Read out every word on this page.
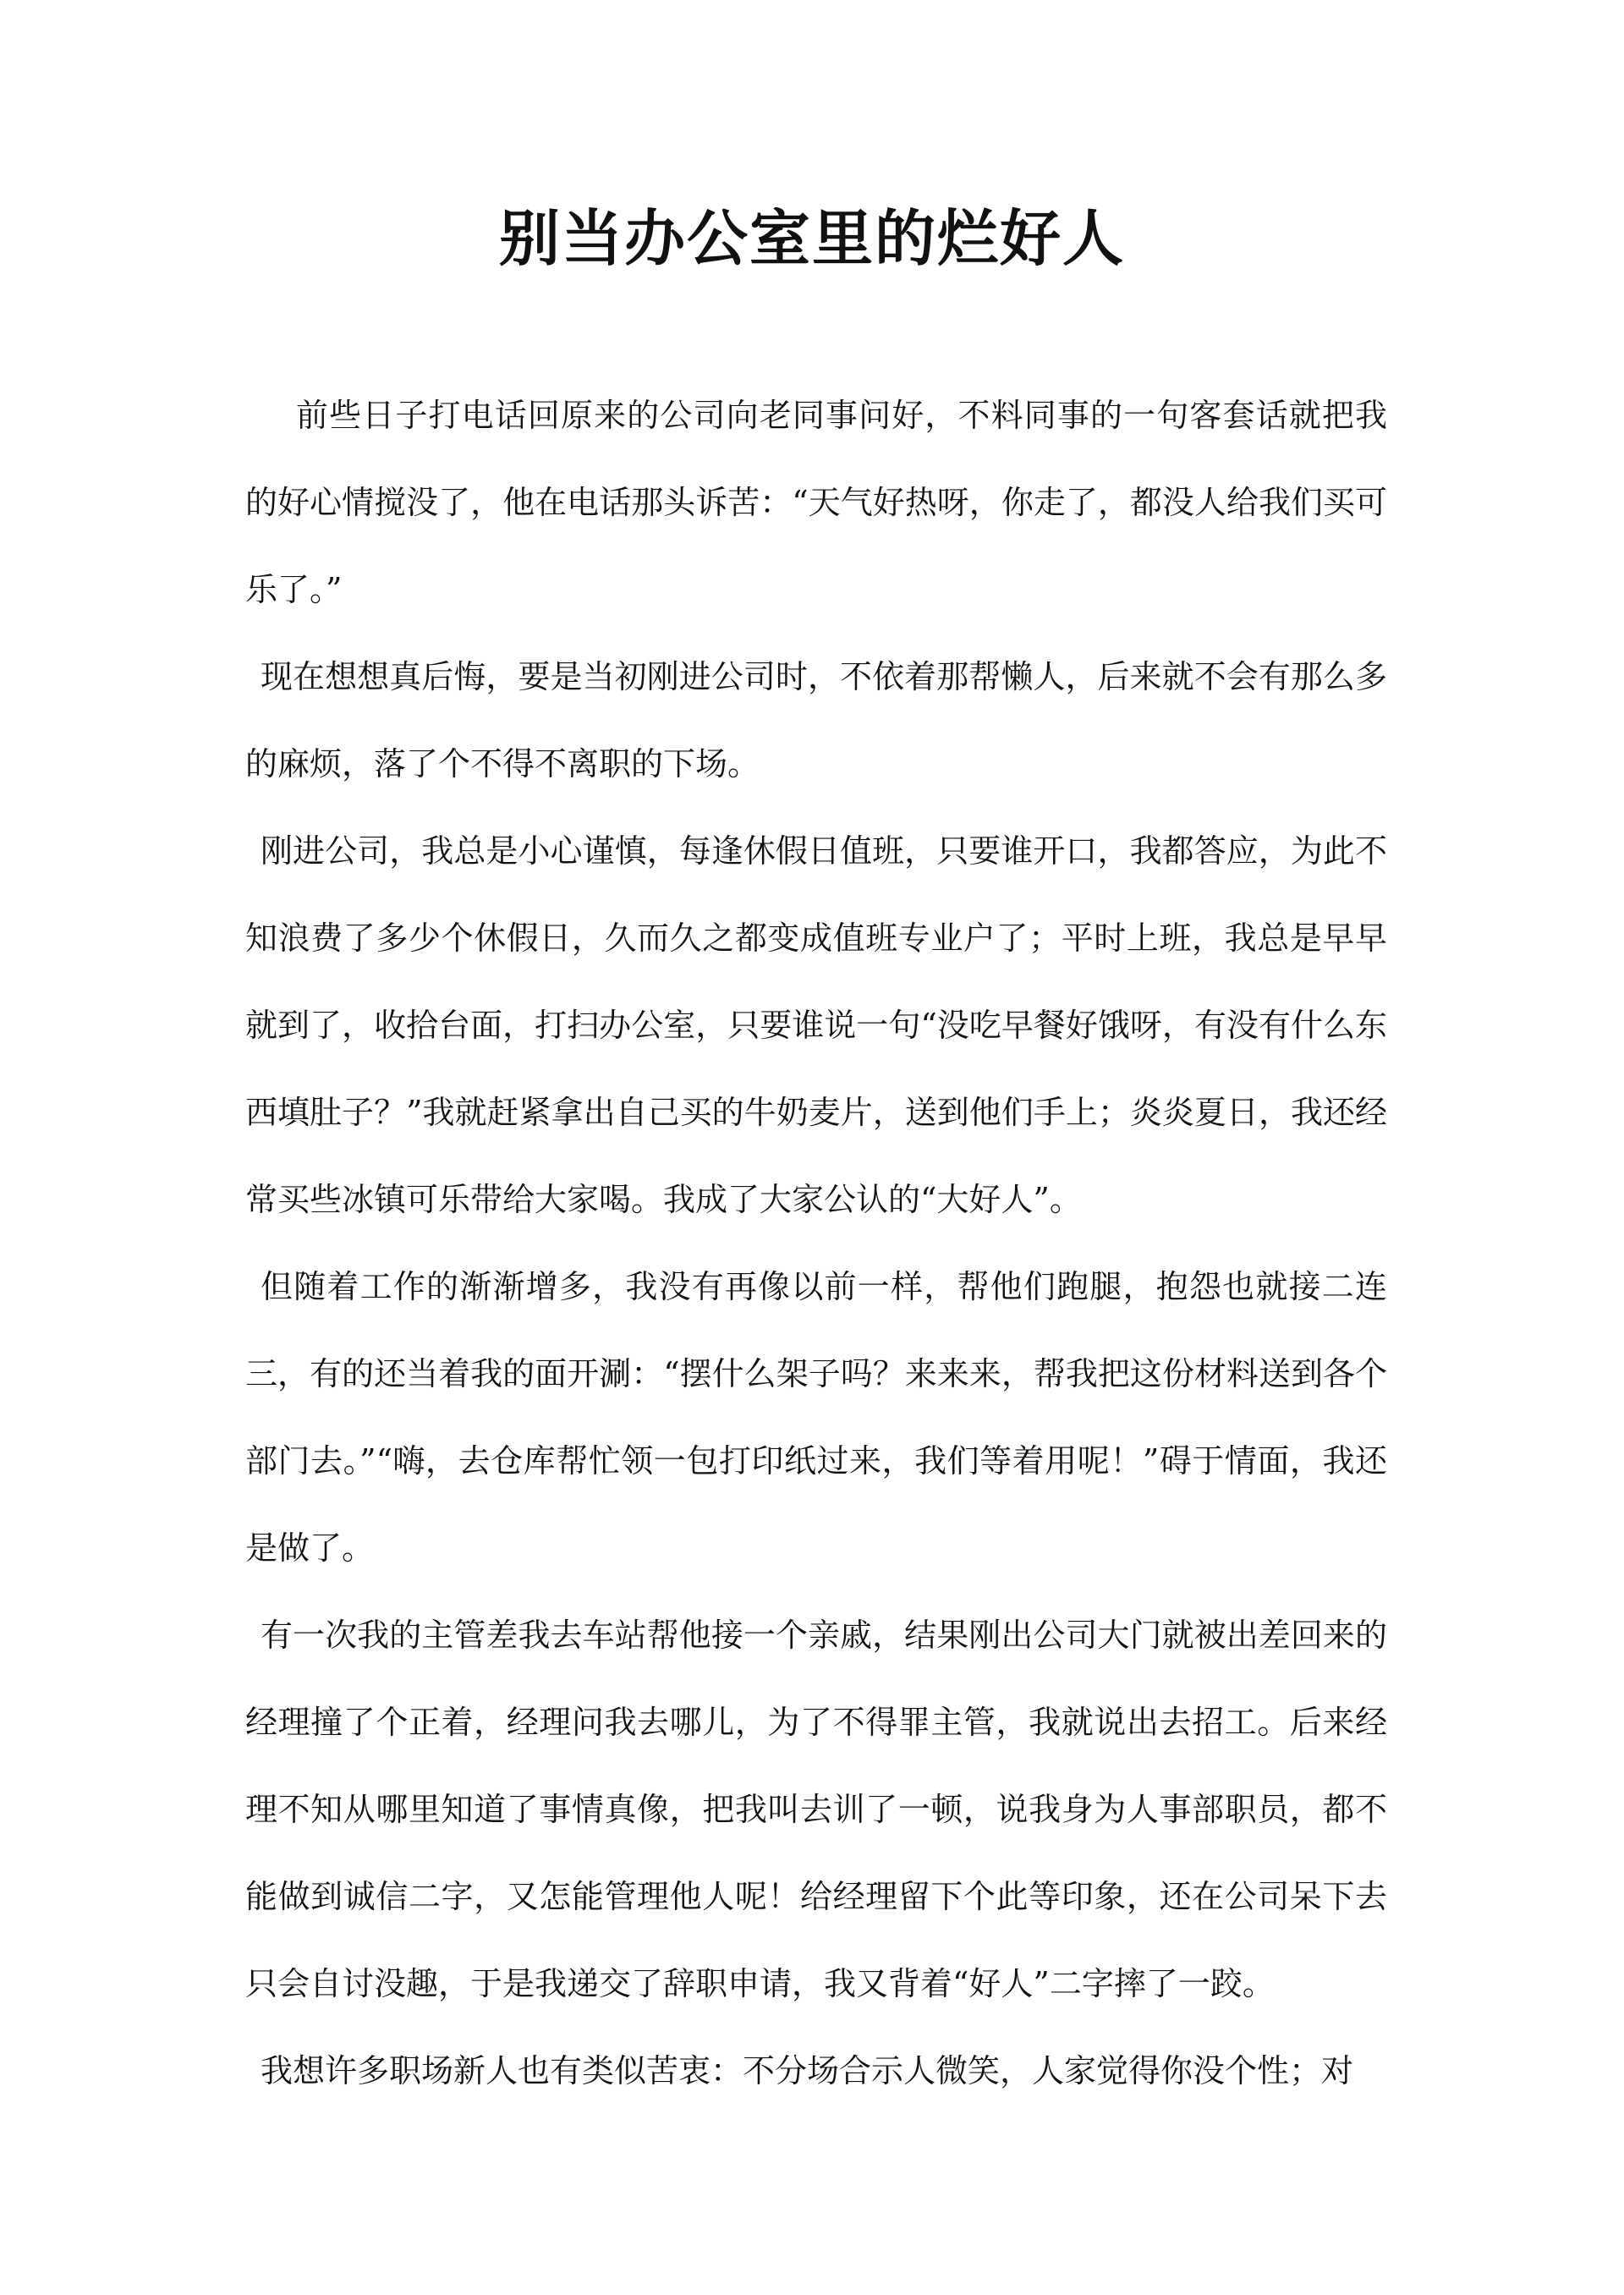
别当办公室里的烂好人

前些日子打电话回原来的公司向老同事问好，不料同事的一句客套话就把我的好心情搅没了，他在电话那头诉苦：“天气好热呀，你走了，都没人给我们买可乐了。”

现在想想真后悔，要是当初刚进公司时，不依着那帮懒人，后来就不会有那么多的麻烦，落了个不得不离职的下场。

刚进公司，我总是小心谨慎，每逢休假日值班，只要谁开口，我都答应，为此不知浪费了多少个休假日，久而久之都变成值班专业户了；平时上班，我总是早早就到了，收拾台面，打扫办公室，只要谁说一句“没吃早餐好饿呀，有没有什么东西填肚子？”我就赶紧拿出自己买的牛奶麦片，送到他们手上；炎炎夏日，我还经常买些冰镇可乐带给大家喝。我成了大家公认的“大好人”。

但随着工作的渐渐增多，我没有再像以前一样，帮他们跑腿，抱怨也就接二连三，有的还当着我的面开涮：“摆什么架子吗？来来来，帮我把这份材料送到各个部门去。”“嗨，去仓库帮忙领一包打印纸过来，我们等着用呢！”碍于情面，我还是做了。

有一次我的主管差我去车站帮他接一个亲戚，结果刚出公司大门就被出差回来的经理撞了个正着，经理问我去哪儿，为了不得罪主管，我就说出去招工。后来经理不知从哪里知道了事情真像，把我叫去训了一顿，说我身为人事部职员，都不能做到诚信二字，又怎能管理他人呢！给经理留下个此等印象，还在公司呆下去只会自讨没趣，于是我递交了辞职申请，我又背着“好人”二字摔了一跤。

我想许多职场新人也有类似苦衷：不分场合示人微笑，人家觉得你没个性；对
